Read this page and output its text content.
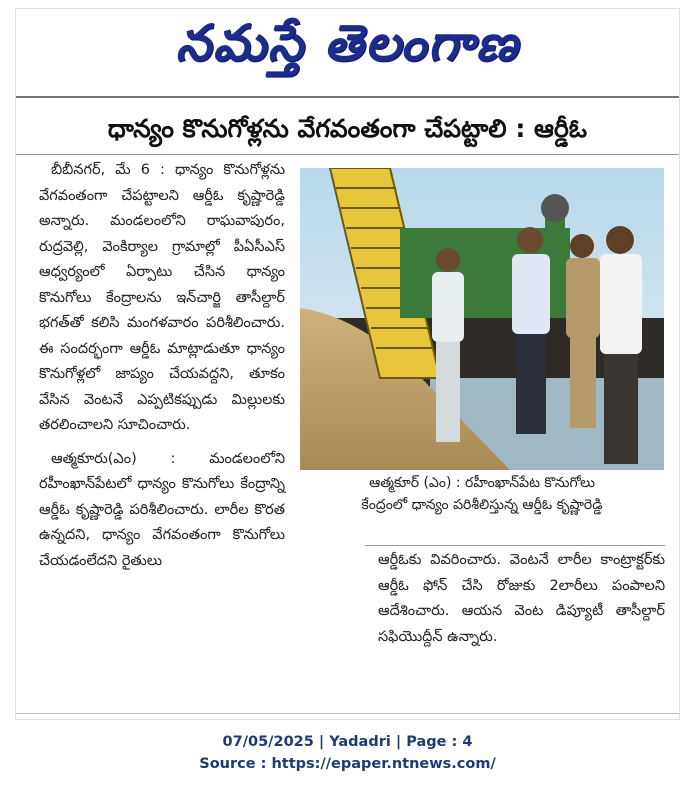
నమస్తే తెలంగాణ
ధాన్యం కొనుగోళ్లను వేగవంతంగా చేపట్టాలి : ఆర్డీఓ

బీబీనగర్, మే 6 : ధాన్యం కొనుగోళ్లను వేగవంతంగా చేపట్టాలని ఆర్డీఓ కృష్ణారెడ్డి అన్నారు. మండలంలోని రాఘవాపురం, రుద్రవెల్లి, వెంకిర్యాల గ్రామాల్లో పీఏసీఎస్ ఆధ్వర్యంలో ఏర్పాటు చేసిన ధాన్యం కొనుగోలు కేంద్రాలను ఇన్‌చార్జి తాసీల్దార్ భగత్‌తో కలిసి మంగళవారం పరిశీలించారు. ఈ సందర్భంగా ఆర్డీఓ మాట్లాడుతూ ధాన్యం కొనుగోళ్లలో జాప్యం చేయవద్దని, తూకం వేసిన వెంటనే ఎప్పటికప్పుడు మిల్లులకు తరలించాలని సూచించారు.

ఆత్మకూరు(ఎం) : మండలంలోని రహీంఖాన్‌పేటలో ధాన్యం కొనుగోలు కేంద్రాన్ని ఆర్డీఓ కృష్ణారెడ్డి పరిశీలించారు. లారీల కొరత ఉన్నదని, ధాన్యం వేగవంతంగా కొనుగోలు చేయడంలేదని రైతులు

ఆత్మకూర్ (ఎం) : రహీంఖాన్‌పేట కొనుగోలు
కేంద్రంలో ధాన్యం పరిశీలిస్తున్న ఆర్డీఓ కృష్ణారెడ్డి

ఆర్డీఓకు వివరించారు. వెంటనే లారీల కాంట్రాక్టర్‌కు ఆర్డీఓ ఫోన్ చేసి రోజుకు 2లారీలు పంపాలని ఆదేశించారు. ఆయన వెంట డిప్యూటీ తాసీల్దార్ సఫియొద్దీన్ ఉన్నారు.

07/05/2025 | Yadadri | Page : 4
Source : https://epaper.ntnews.com/
